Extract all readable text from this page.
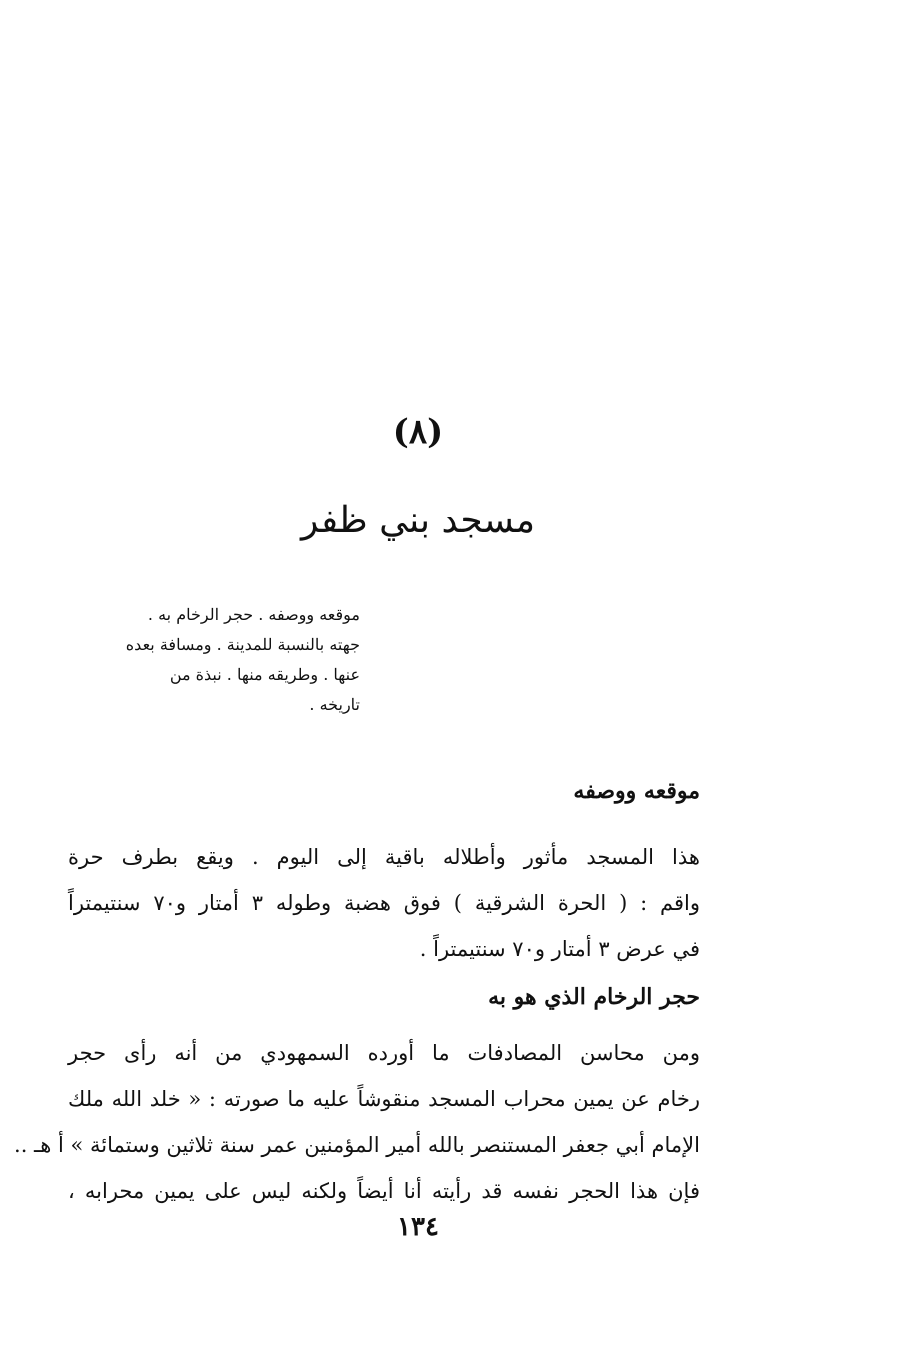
(٨)
مسجد بني ظفر
موقعه ووصفه . حجر الرخام به .
جهته بالنسبة للمدينة . ومسافة بعده
عنها . وطريقه منها . نبذة من
تاريخه .
موقعه ووصفه
هذا المسجد مأثور وأطلاله باقية إلى اليوم . ويقع بطرف حرة
واقم : ( الحرة الشرقية ) فوق هضبة وطوله ٣ أمتار و٧٠ سنتيمتراً
في عرض ٣ أمتار و٧٠ سنتيمتراً .
حجر الرخام الذي هو به
ومن محاسن المصادفات ما أورده السمهودي من أنه رأى حجر
رخام عن يمين محراب المسجد منقوشاً عليه ما صورته : « خلد الله ملك
الإمام أبي جعفر المستنصر بالله أمير المؤمنين عمر سنة ثلاثين وستمائة » أ هـ ..
فإن هذا الحجر نفسه قد رأيته أنا أيضاً ولكنه ليس على يمين محرابه ،
١٣٤
